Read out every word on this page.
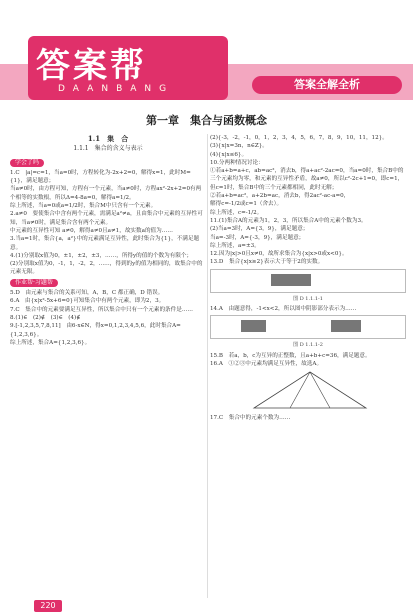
答案帮
DAANBANG	答案全解全析
第一章　集合与函数概念
1.1　集　合
1.1.1　集合的含义与表示
学会了吗

1.C　|a|=c=1，当a=0时，方程转化为-2x+2=0，解得x=1，此时M={1}，满足题意；

当a≠0时，由方程可知，方程有一个元素，当a≠0时，方程ax²-2x+2=0有两个相等的实数根，所以Δ=4-8a=0，解得a=1/2。

综上所述，当a=0或a=1/2时，集合M中只含有一个元素。

2.a≠0　要使集合中含有两个元素，需满足a²≠a，且由集合中元素的互异性可知，当a≠0时，满足集合含有两个元素。

中元素的互异性可知 a≠0，解得a≠0且a≠1，故实数a的值为……

3.当a=1时，集合{a，a²}中的元素满足互异性，此时集合为{1}，不满足题意。

4.(1)分别取x值为0，±1，±2，±3，……，所得y的值的个数为有限个；

(2)分别取x值为0，-1，1，-2，2，……，得到的y的值为相同的，故集合中的元素无限。

作业帮·习题帮

5.D　由元素与集合的关系可知，A，B，C 都正确，D 错误。

6.A　由{x|x²-5x+6=0}可知集合中有两个元素，即为2，3。

7.C　集合中的元素要满足互异性，所以集合中只有一个元素的条件是……

8.(1)∈　(2)∉　(3)∈　(4)∉

9.[-1,2,3,5,7,8,11]　由6-x∈N，得x=0,1,2,3,4,5,6，此时集合A={1,2,3,6}。

综上所述，集合A={1,2,3,6}。

(2){-3，-2，-1，0，1，2，3，4，5，6，7，8，9，10，11，12}。

(3){x|x=3n，n∈Z}。

(4){x|x≤6}。

10.分两种情况讨论：

①若a+b=a+c，ab=ac²，消去b，得a+ac²-2ac=0，当a=0时，集合B中的三个元素均为零，和元素的互异性矛盾，故a≠0，所以c²-2c+1=0，即c=1，但c=1时，集合B中的三个元素都相同，此时无解；

②若a+b=ac²，a+2b=ac，消去b，得2ac²-ac-a=0，

解得c=-1/2或c=1（舍去）。

综上所述，c=-1/2。

11.(1)集合A的元素为1，2，3，所以集合A中的元素个数为3。

(2)当a=3时，A={3，9}，满足题意；

当a=-3时，A={-3，9}，满足题意；

综上所述，a=±3。

12.因为|x|>0且x≠0，故所求集合为{x|x>0或x<0}。

13.D　集合{x|x≥2}表示大于等于2的实数。

图 D 1.1.1-1

14.A　由题意得，-1<x<2，所以图中阴影部分表示为……

图 D 1.1.1-2

15.B　若a，b，c为互异的正整数，且a+b+c=36，满足题意。

16.A　①②③中元素均满足互异性，故选A。

17.C　集合中的元素个数为……

220
